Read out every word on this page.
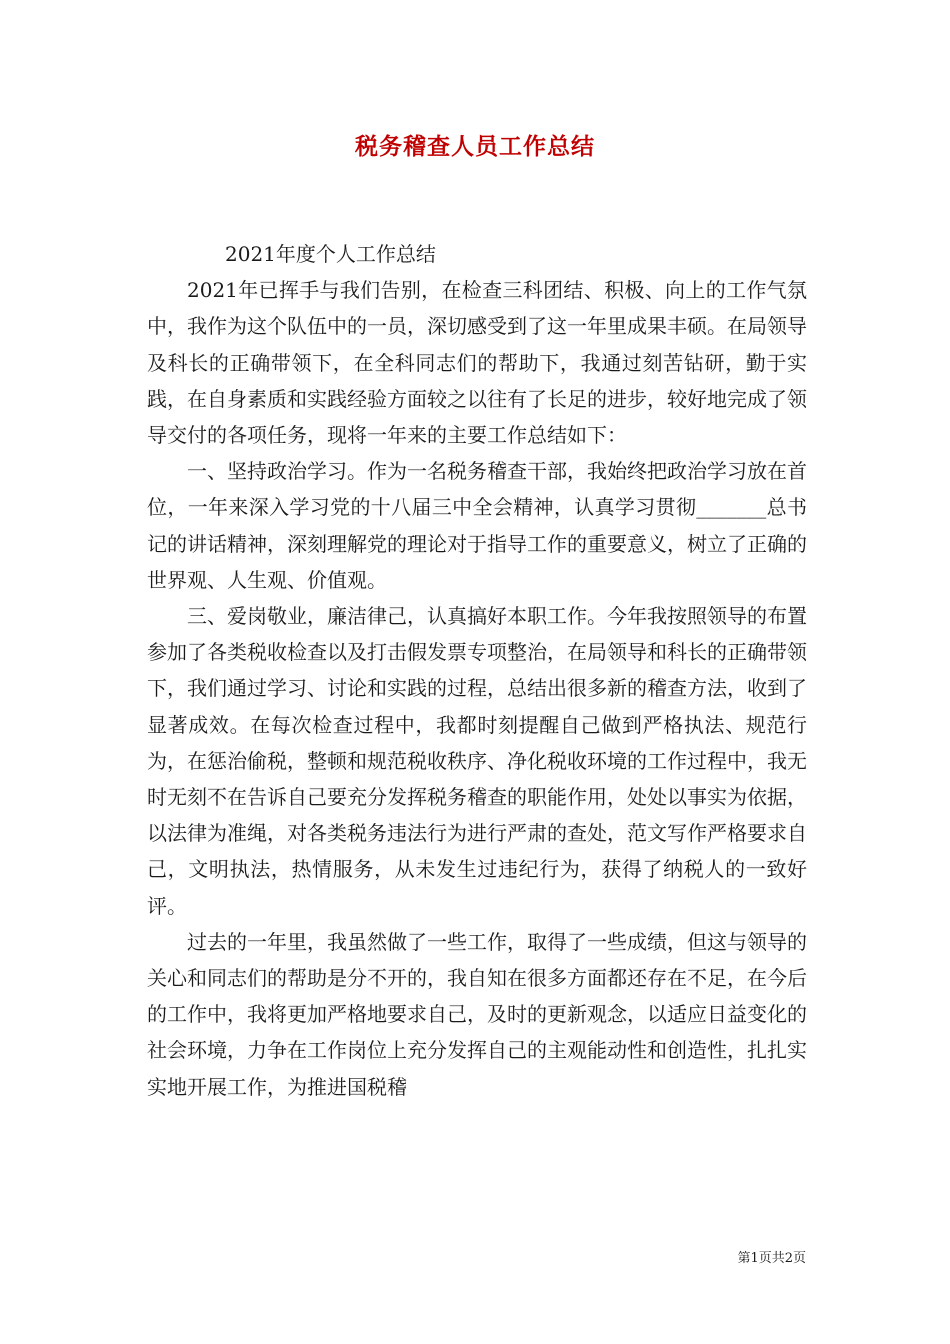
税务稽查人员工作总结

2021年度个人工作总结

2021年已挥手与我们告别，在检查三科团结、积极、向上的工作气氛中，我作为这个队伍中的一员，深切感受到了这一年里成果丰硕。在局领导及科长的正确带领下，在全科同志们的帮助下，我通过刻苦钻研，勤于实践，在自身素质和实践经验方面较之以往有了长足的进步，较好地完成了领导交付的各项任务，现将一年来的主要工作总结如下：

一、坚持政治学习。作为一名税务稽查干部，我始终把政治学习放在首位，一年来深入学习党的十八届三中全会精神，认真学习贯彻_______总书记的讲话精神，深刻理解党的理论对于指导工作的重要意义，树立了正确的世界观、人生观、价值观。

三、爱岗敬业，廉洁律己，认真搞好本职工作。今年我按照领导的布置参加了各类税收检查以及打击假发票专项整治，在局领导和科长的正确带领下，我们通过学习、讨论和实践的过程，总结出很多新的稽查方法，收到了显著成效。在每次检查过程中，我都时刻提醒自己做到严格执法、规范行为，在惩治偷税，整顿和规范税收秩序、净化税收环境的工作过程中，我无时无刻不在告诉自己要充分发挥税务稽查的职能作用，处处以事实为依据，以法律为准绳，对各类税务违法行为进行严肃的查处，范文写作严格要求自己，文明执法，热情服务，从未发生过违纪行为，获得了纳税人的一致好评。

过去的一年里，我虽然做了一些工作，取得了一些成绩，但这与领导的关心和同志们的帮助是分不开的，我自知在很多方面都还存在不足，在今后的工作中，我将更加严格地要求自己，及时的更新观念，以适应日益变化的社会环境，力争在工作岗位上充分发挥自己的主观能动性和创造性，扎扎实实地开展工作，为推进国税稽

第1页共2页
